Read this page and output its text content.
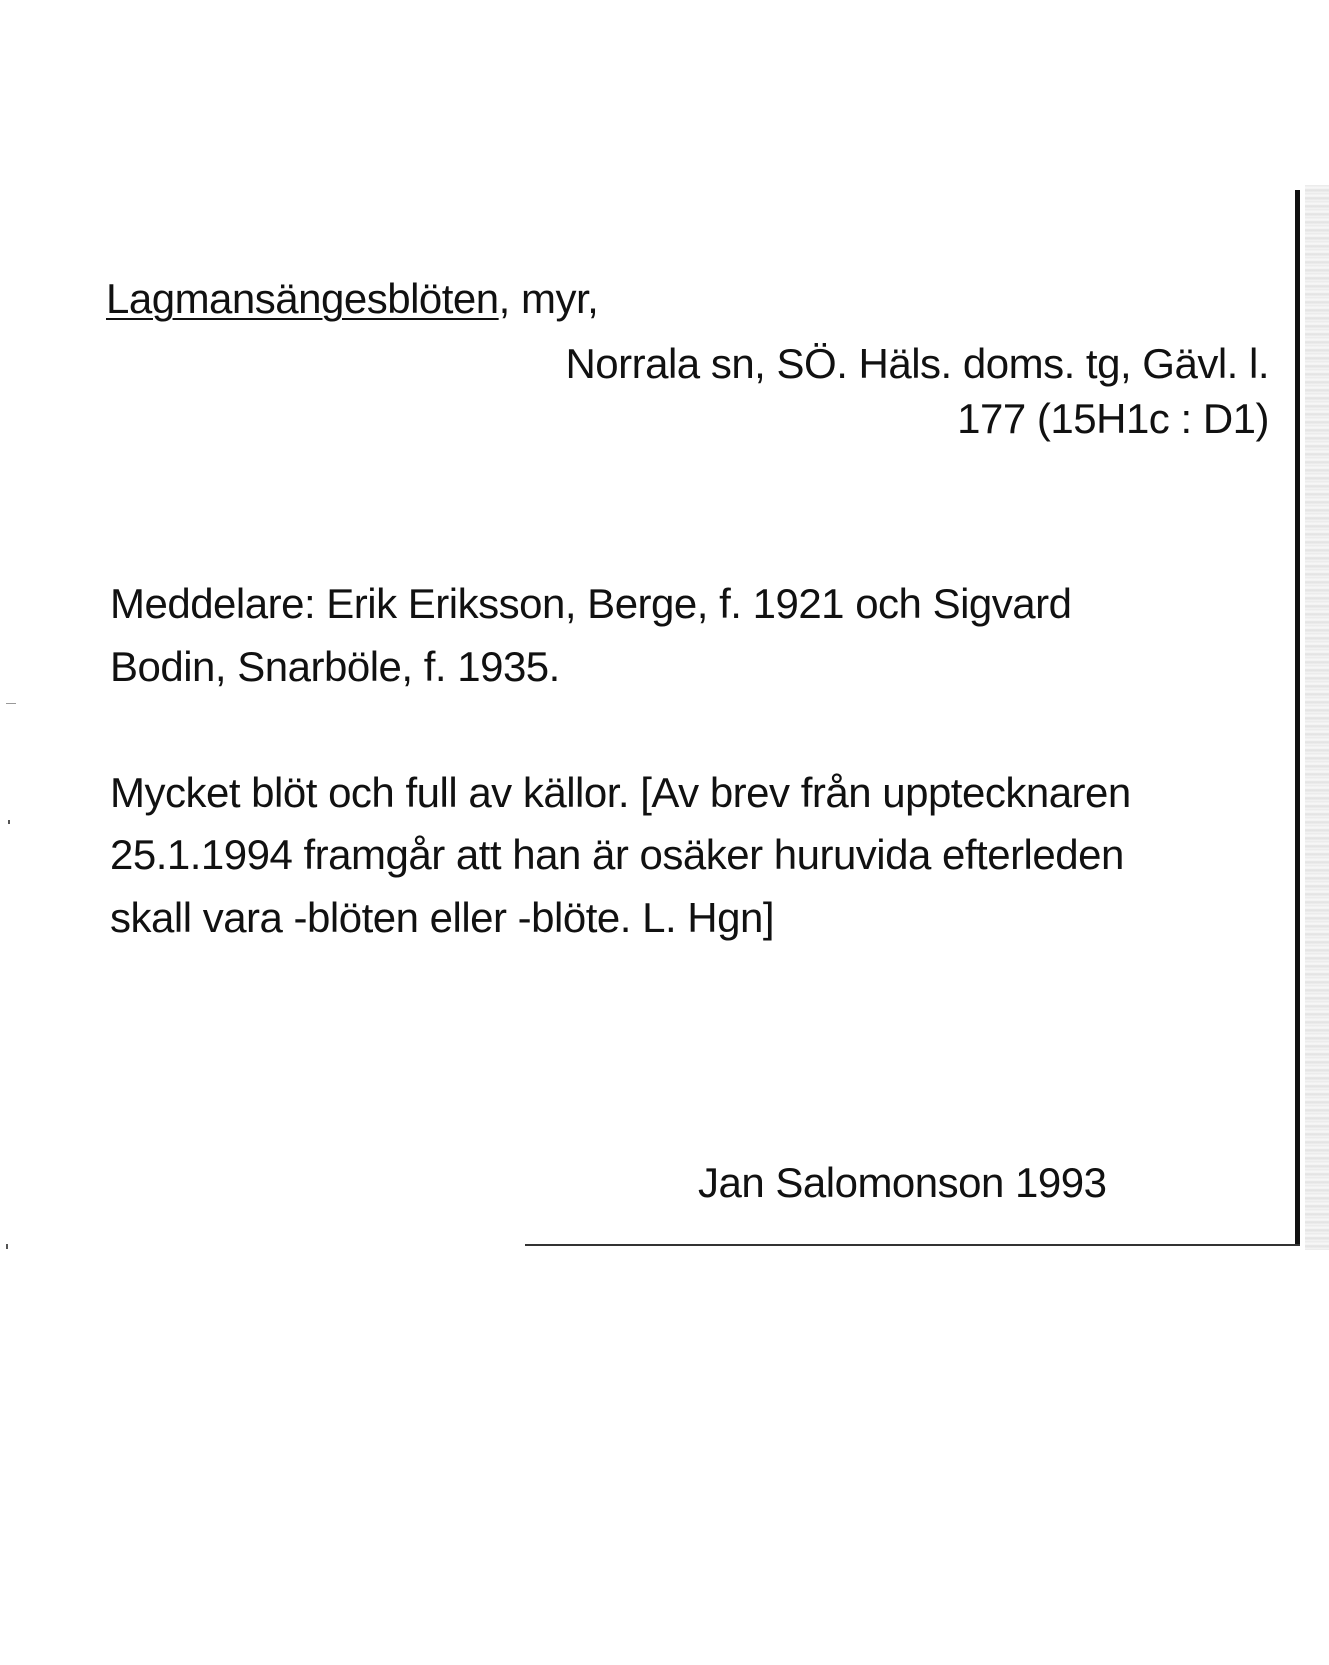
Lagmansängesblöten, myr,
Norrala sn, SÖ. Häls. doms. tg, Gävl. l.
177 (15H1c : D1)
Meddelare: Erik Eriksson, Berge, f. 1921 och Sigvard
Bodin, Snarböle, f. 1935.
Mycket blöt och full av källor. [Av brev från upptecknaren
25.1.1994 framgår att han är osäker huruvida efterleden
skall vara -blöten eller -blöte. L. Hgn]
Jan Salomonson 1993
